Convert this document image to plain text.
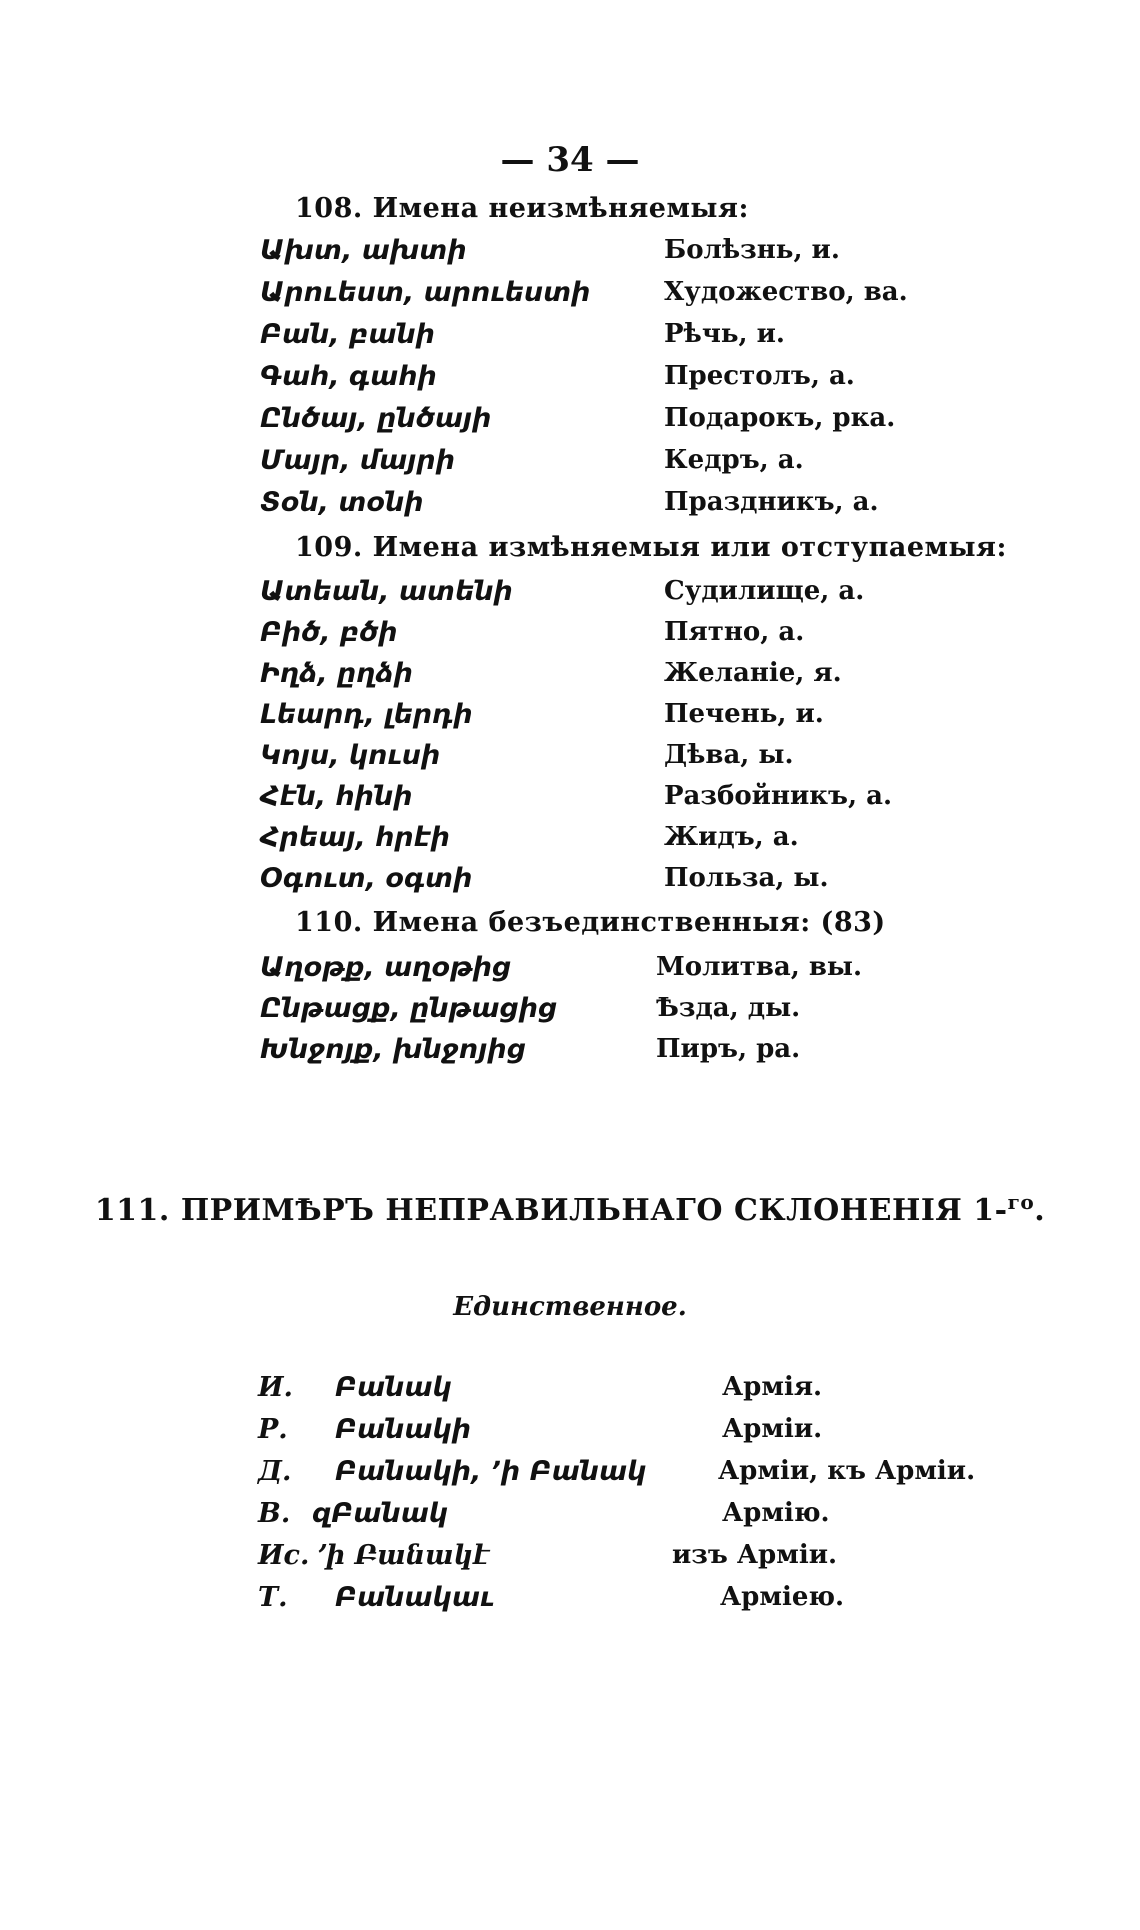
— 34 —
108. Имена неизмѣняемыя:
Ախտ, ախտի	Болѣзнь, и.
Արուեստ, արուեստի	Художество, ва.
Բան, բանի	Рѣчь, и.
Գահ, գահի	Престолъ, а.
Ընծայ, ընծայի	Подарокъ, рка.
Մայր, մայրի	Кедръ, а.
Տօն, տօնի	Праздникъ, а.
109. Имена измѣняемыя или отступаемыя:
Ատեան, ատենի	Судилище, а.
Բիծ, բծի	Пятно, а.
Իղձ, ըղձի	Желаніе, я.
Լեարդ, լերդի	Печень, и.
Կոյս, կուսի	Дѣва, ы.
Հէն, հինի	Разбойникъ, а.
Հրեայ, հրէի	Жидъ, а.
Օգուտ, օգտի	Польза, ы.
110. Имена безъединственныя: (83)
Աղօթք, աղօթից	Молитва, вы.
Ընթացք, ընթացից	Ѣзда, ды.
Խնջոյք, խնջոյից	Пиръ, ра.
111. ПРИМѢРЪ НЕПРАВИЛЬНАГО СКЛОНЕНІЯ 1-$^{го}$.
Единственное.
И. Բանակ	Армія.
Р. Բանակի	Арміи.
Д. Բանակի, ՚ի Բանակ	Арміи, къ Арміи.
В. զԲանակ	Армію.
Ис. ՚ի Բանակէ	изъ Арміи.
Т. Բանակաւ	Арміею.
